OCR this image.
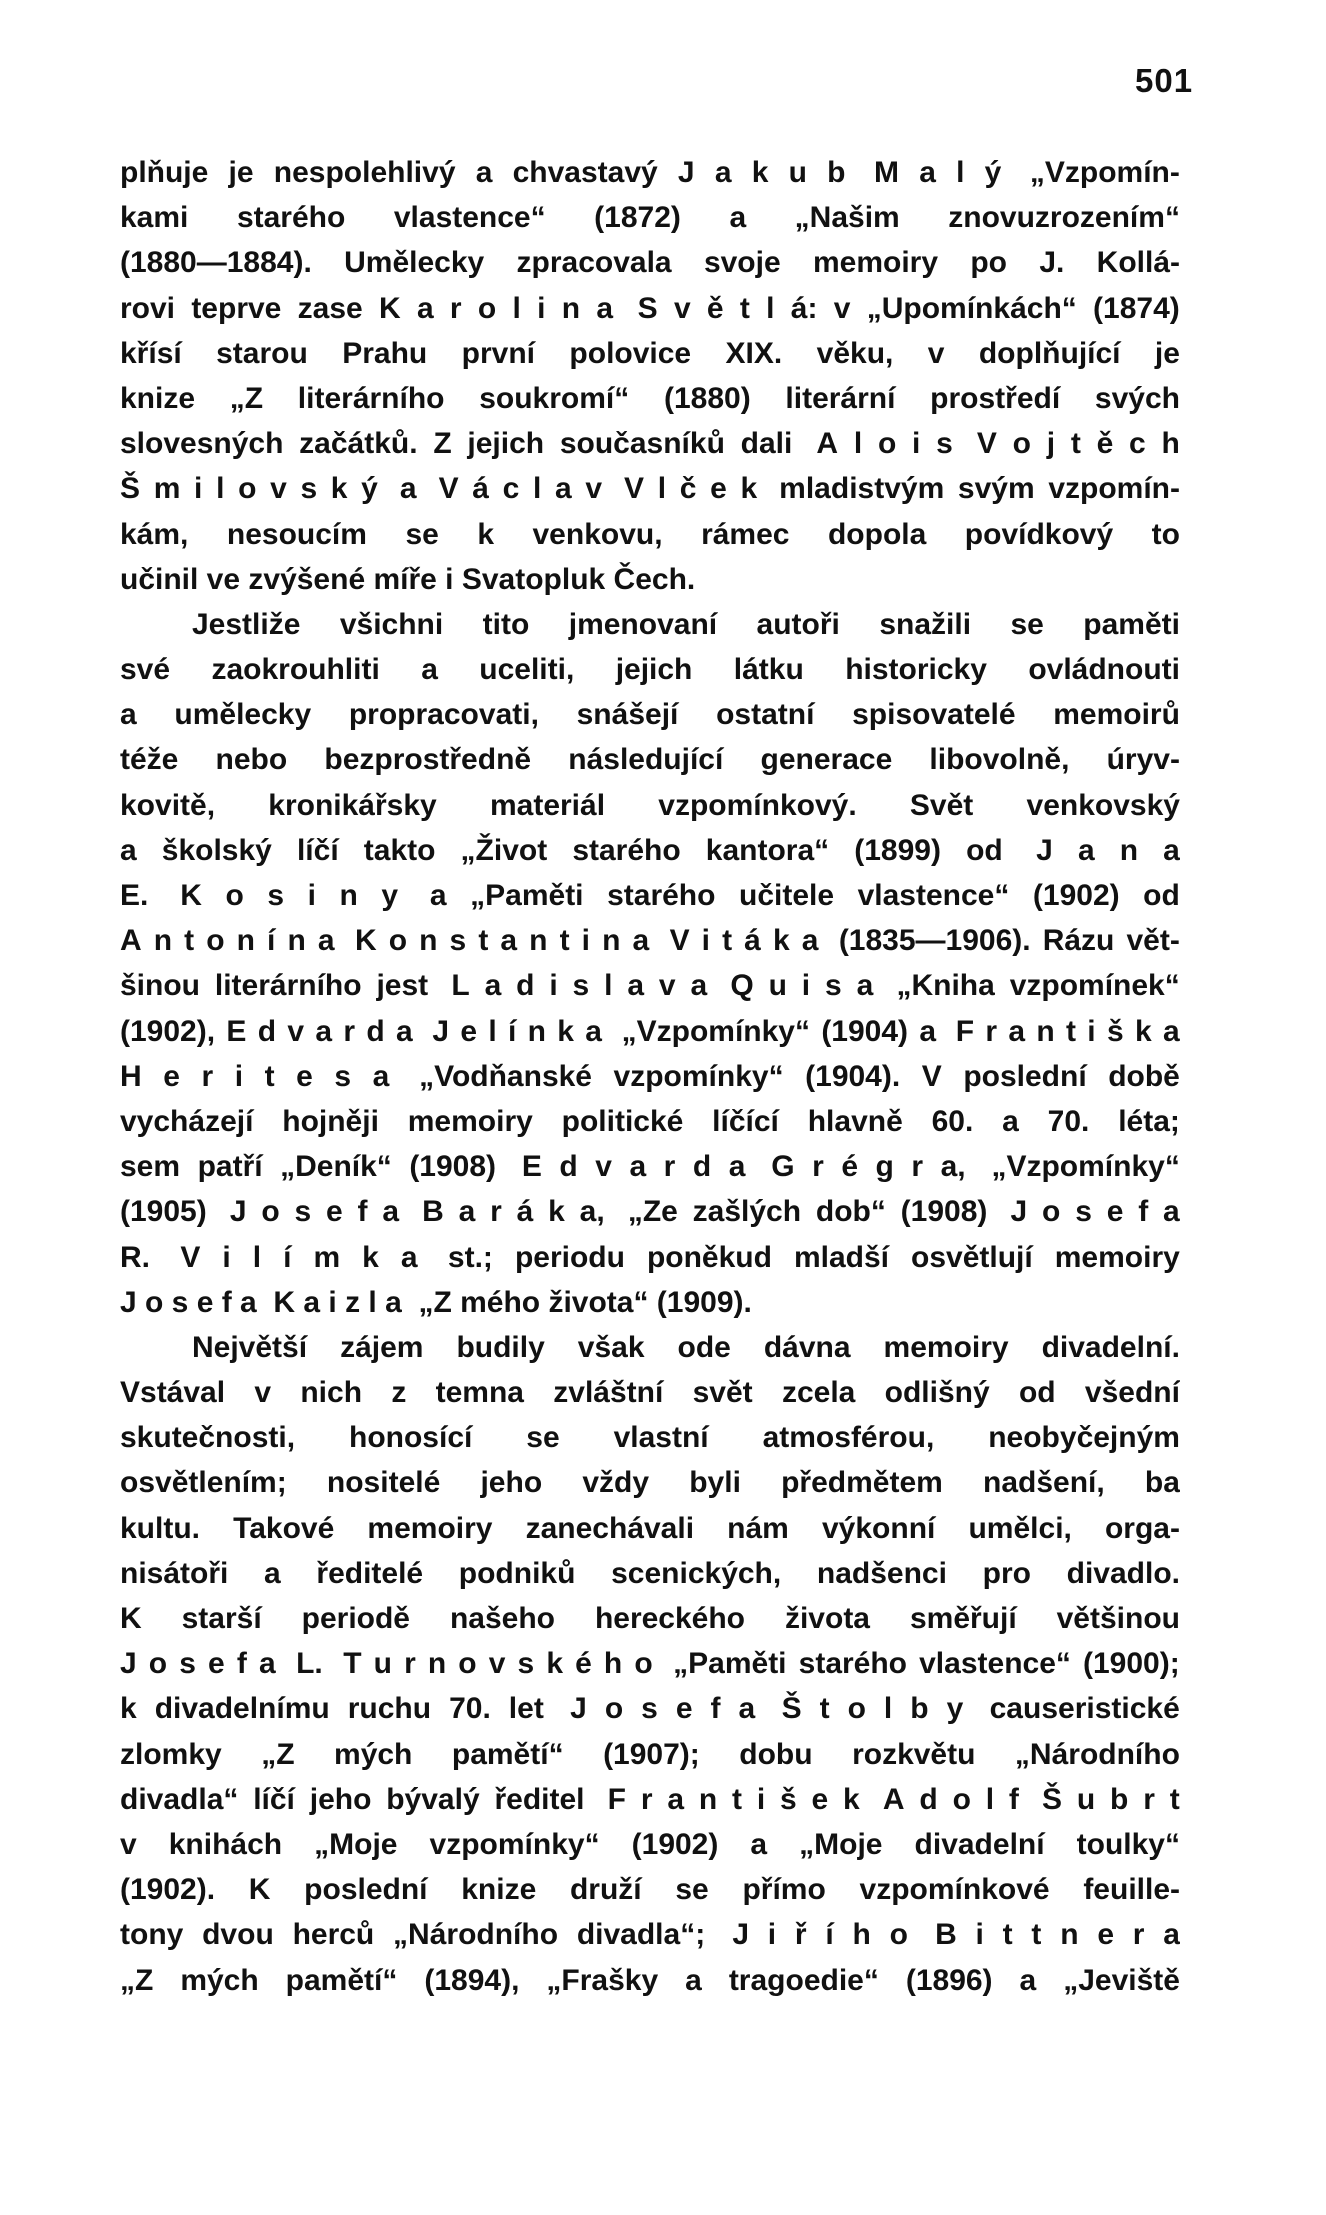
501
plňuje je nespolehlivý a chvastavý J a k u b M a l ý „Vzpomín-
kami starého vlastence“ (1872) a „Našim znovuzrozením“
(1880—1884). Umělecky zpracovala svoje memoiry po J. Kollá-
rovi teprve zase K a r o l i n a S v ě t l á: v „Upomínkách“ (1874)
křísí starou Prahu první polovice XIX. věku, v doplňující je
knize „Z literárního soukromí“ (1880) literární prostředí svých
slovesných začátků. Z jejich současníků dali A l o i s V o j t ě c h
Š m i l o v s k ý a V á c l a v V l č e k mladistvým svým vzpomín-
kám, nesoucím se k venkovu, rámec dopola povídkový to
učinil ve zvýšené míře i Svatopluk Čech.
Jestliže všichni tito jmenovaní autoři snažili se paměti
své zaokrouhliti a uceliti, jejich látku historicky ovládnouti
a umělecky propracovati, snášejí ostatní spisovatelé memoirů
téže nebo bezprostředně následující generace libovolně, úryv-
kovitě, kronikářsky materiál vzpomínkový. Svět venkovský
a školský líčí takto „Život starého kantora“ (1899) od J a n a
E. K o s i n y a „Paměti starého učitele vlastence“ (1902) od
A n t o n í n a K o n s t a n t i n a V i t á k a (1835—1906). Rázu vět-
šinou literárního jest L a d i s l a v a Q u i s a „Kniha vzpomínek“
(1902), E d v a r d a J e l í n k a „Vzpomínky“ (1904) a F r a n t i š k a
H e r i t e s a „Vodňanské vzpomínky“ (1904). V poslední době
vycházejí hojněji memoiry politické líčící hlavně 60. a 70. léta;
sem patří „Deník“ (1908) E d v a r d a G r é g r a, „Vzpomínky“
(1905) J o s e f a B a r á k a, „Ze zašlých dob“ (1908) J o s e f a
R. V i l í m k a st.; periodu poněkud mladší osvětlují memoiry
J o s e f a  K a i z l a  „Z mého života“ (1909).
Největší zájem budily však ode dávna memoiry divadelní.
Vstával v nich z temna zvláštní svět zcela odlišný od všední
skutečnosti, honosící se vlastní atmosférou, neobyčejným
osvětlením; nositelé jeho vždy byli předmětem nadšení, ba
kultu. Takové memoiry zanechávali nám výkonní umělci, orga-
nisátoři a ředitelé podniků scenických, nadšenci pro divadlo.
K starší periodě našeho hereckého života směřují většinou
J o s e f a L. T u r n o v s k é h o „Paměti starého vlastence“ (1900);
k divadelnímu ruchu 70. let J o s e f a Š t o l b y causeristické
zlomky „Z mých pamětí“ (1907); dobu rozkvětu „Národního
divadla“ líčí jeho bývalý ředitel F r a n t i š e k A d o l f Š u b r t
v knihách „Moje vzpomínky“ (1902) a „Moje divadelní toulky“
(1902). K poslední knize druží se přímo vzpomínkové feuille-
tony dvou herců „Národního divadla“; J i ř í h o B i t t n e r a
„Z mých pamětí“ (1894), „Frašky a tragoedie“ (1896) a „Jeviště
